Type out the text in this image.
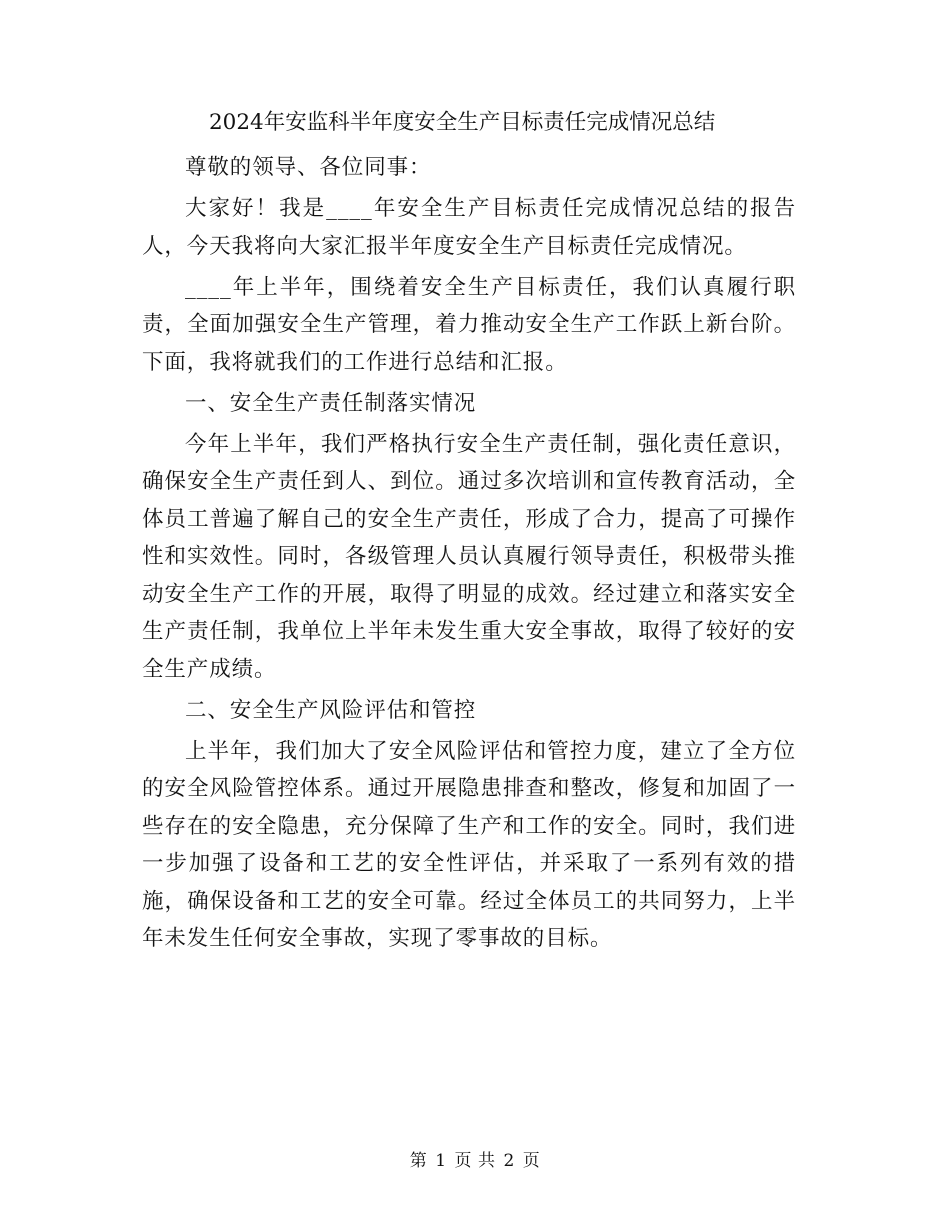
2024年安监科半年度安全生产目标责任完成情况总结

尊敬的领导、各位同事：

大家好！我是____年安全生产目标责任完成情况总结的报告人，今天我将向大家汇报半年度安全生产目标责任完成情况。

____年上半年，围绕着安全生产目标责任，我们认真履行职责，全面加强安全生产管理，着力推动安全生产工作跃上新台阶。下面，我将就我们的工作进行总结和汇报。

一、安全生产责任制落实情况

今年上半年，我们严格执行安全生产责任制，强化责任意识，确保安全生产责任到人、到位。通过多次培训和宣传教育活动，全体员工普遍了解自己的安全生产责任，形成了合力，提高了可操作性和实效性。同时，各级管理人员认真履行领导责任，积极带头推动安全生产工作的开展，取得了明显的成效。经过建立和落实安全生产责任制，我单位上半年未发生重大安全事故，取得了较好的安全生产成绩。

二、安全生产风险评估和管控

上半年，我们加大了安全风险评估和管控力度，建立了全方位的安全风险管控体系。通过开展隐患排查和整改，修复和加固了一些存在的安全隐患，充分保障了生产和工作的安全。同时，我们进一步加强了设备和工艺的安全性评估，并采取了一系列有效的措施，确保设备和工艺的安全可靠。经过全体员工的共同努力，上半年未发生任何安全事故，实现了零事故的目标。

第 1 页 共 2 页
